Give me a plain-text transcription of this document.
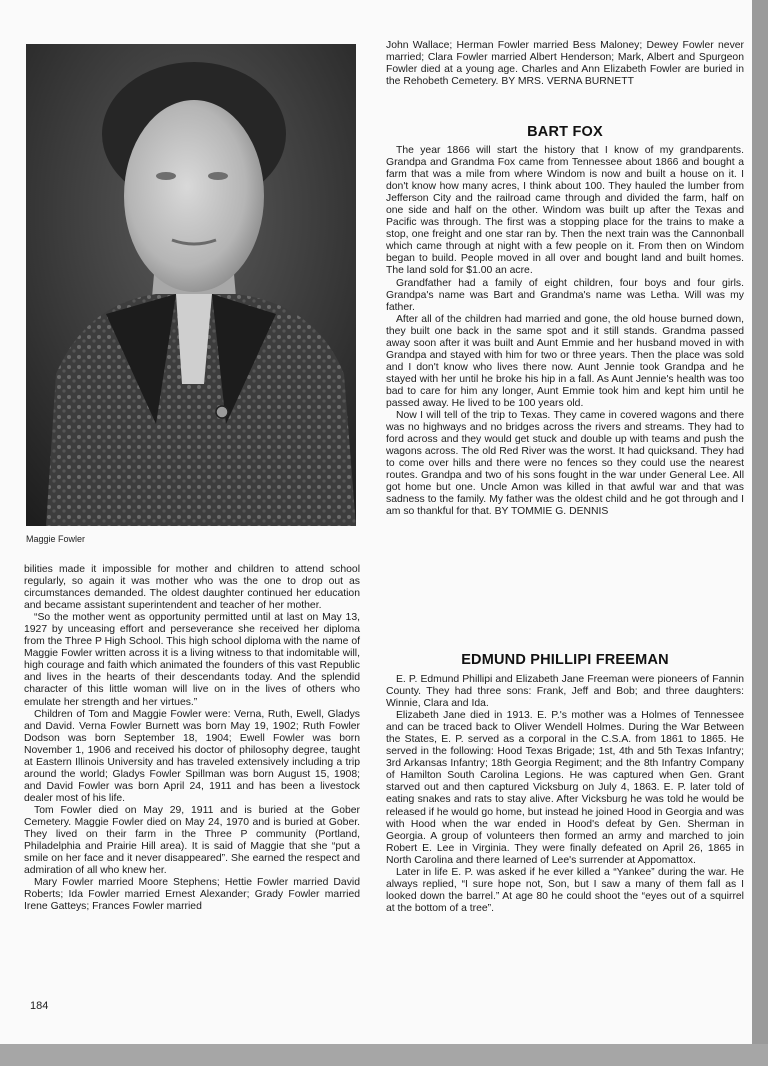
Maggie Fowler

bilities made it impossible for mother and children to attend school regularly, so again it was mother who was the one to drop out as circumstances demanded. The oldest daughter continued her education and became assistant superintendent and teacher of her mother.

“So the mother went as opportunity permitted until at last on May 13, 1927 by unceasing effort and perseverance she received her diploma from the Three P High School. This high school diploma with the name of Maggie Fowler written across it is a living witness to that indomitable will, high courage and faith which animated the founders of this vast Republic and lives in the hearts of their descendants today. And the splendid character of this little woman will live on in the lives of others who emulate her strength and her virtues.”

Children of Tom and Maggie Fowler were: Verna, Ruth, Ewell, Gladys and David. Verna Fowler Burnett was born May 19, 1902; Ruth Fowler Dodson was born September 18, 1904; Ewell Fowler was born November 1, 1906 and received his doctor of philosophy degree, taught at Eastern Illinois University and has traveled extensively including a trip around the world; Gladys Fowler Spillman was born August 15, 1908; and David Fowler was born April 24, 1911 and has been a livestock dealer most of his life.

Tom Fowler died on May 29, 1911 and is buried at the Gober Cemetery. Maggie Fowler died on May 24, 1970 and is buried at Gober. They lived on their farm in the Three P community (Portland, Philadelphia and Prairie Hill area). It is said of Maggie that she “put a smile on her face and it never disappeared”. She earned the respect and admiration of all who knew her.

Mary Fowler married Moore Stephens; Hettie Fowler married David Roberts; Ida Fowler married Ernest Alexander; Grady Fowler married Irene Gatteys; Frances Fowler married

John Wallace; Herman Fowler married Bess Maloney; Dewey Fowler never married; Clara Fowler married Albert Henderson; Mark, Albert and Spurgeon Fowler died at a young age. Charles and Ann Elizabeth Fowler are buried in the Rehobeth Cemetery. BY MRS. VERNA BURNETT

BART FOX

The year 1866 will start the history that I know of my grandparents. Grandpa and Grandma Fox came from Tennessee about 1866 and bought a farm that was a mile from where Windom is now and built a house on it. I don't know how many acres, I think about 100. They hauled the lumber from Jefferson City and the railroad came through and divided the farm, half on one side and half on the other. Windom was built up after the Texas and Pacific was through. The first was a stopping place for the trains to make a stop, one freight and one star ran by. Then the next train was the Cannonball which came through at night with a few people on it. From then on Windom began to build. People moved in all over and bought land and built homes. The land sold for $1.00 an acre.

Grandfather had a family of eight children, four boys and four girls. Grandpa's name was Bart and Grandma's name was Letha. Will was my father.

After all of the children had married and gone, the old house burned down, they built one back in the same spot and it still stands. Grandma passed away soon after it was built and Aunt Emmie and her husband moved in with Grandpa and stayed with him for two or three years. Then the place was sold and I don't know who lives there now. Aunt Jennie took Grandpa and he stayed with her until he broke his hip in a fall. As Aunt Jennie's health was too bad to care for him any longer, Aunt Emmie took him and kept him until he passed away. He lived to be 100 years old.

Now I will tell of the trip to Texas. They came in covered wagons and there was no highways and no bridges across the rivers and streams. They had to ford across and they would get stuck and double up with teams and push the wagons across. The old Red River was the worst. It had quicksand. They had to come over hills and there were no fences so they could use the nearest routes. Grandpa and two of his sons fought in the war under General Lee. All got home but one. Uncle Amon was killed in that awful war and that was sadness to the family. My father was the oldest child and he got through and I am so thankful for that. BY TOMMIE G. DENNIS

EDMUND PHILLIPI FREEMAN

E. P. Edmund Phillipi and Elizabeth Jane Freeman were pioneers of Fannin County. They had three sons: Frank, Jeff and Bob; and three daughters: Winnie, Clara and Ida.

Elizabeth Jane died in 1913. E. P.'s mother was a Holmes of Tennessee and can be traced back to Oliver Wendell Holmes. During the War Between the States, E. P. served as a corporal in the C.S.A. from 1861 to 1865. He served in the following: Hood Texas Brigade; 1st, 4th and 5th Texas Infantry; 3rd Arkansas Infantry; 18th Georgia Regiment; and the 8th Infantry Company of Hamilton South Carolina Legions. He was captured when Gen. Grant starved out and then captured Vicksburg on July 4, 1863. E. P. later told of eating snakes and rats to stay alive. After Vicksburg he was told he would be released if he would go home, but instead he joined Hood in Georgia and was with Hood when the war ended in Hood's defeat by Gen. Sherman in Georgia. A group of volunteers then formed an army and marched to join Robert E. Lee in Virginia. They were finally defeated on April 26, 1865 in North Carolina and there learned of Lee's surrender at Appomattox.

Later in life E. P. was asked if he ever killed a “Yankee” during the war. He always replied, “I sure hope not, Son, but I saw a many of them fall as I looked down the barrel.” At age 80 he could shoot the “eyes out of a squirrel at the bottom of a tree”.

184
